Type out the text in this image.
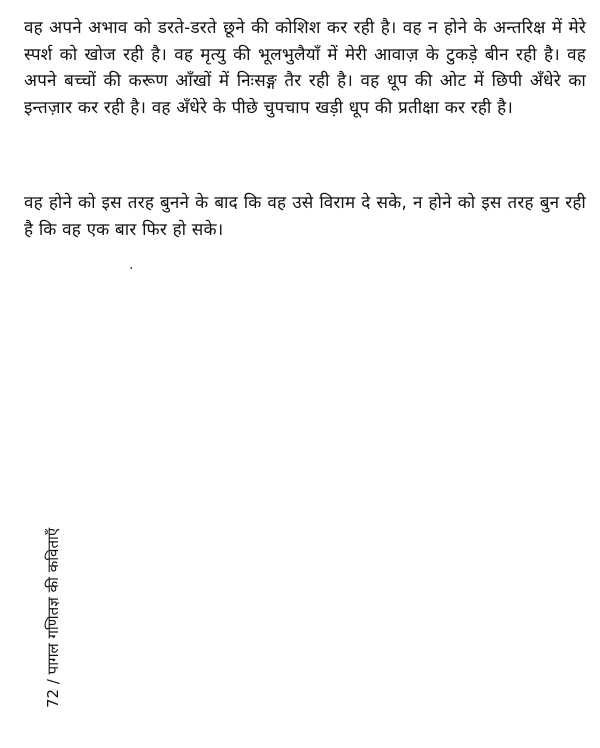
वह अपने अभाव को डरते-डरते छूने की कोशिश कर रही है। वह न होने के अन्तरिक्ष में मेरे स्पर्श को खोज रही है। वह मृत्यु की भूलभुलैयाँ में मेरी आवाज़ के टुकड़े बीन रही है। वह अपने बच्चों की करूण आँखों में निःसङ्ग तैर रही है। वह धूप की ओट में छिपी अँधेरे का इन्तज़ार कर रही है। वह अँधेरे के पीछे चुपचाप खड़ी धूप की प्रतीक्षा कर रही है।

वह होने को इस तरह बुनने के बाद कि वह उसे विराम दे सके, न होने को इस तरह बुन रही है कि वह एक बार फिर हो सके।

·
72 / पागल गणितज्ञ की कविताएँ
